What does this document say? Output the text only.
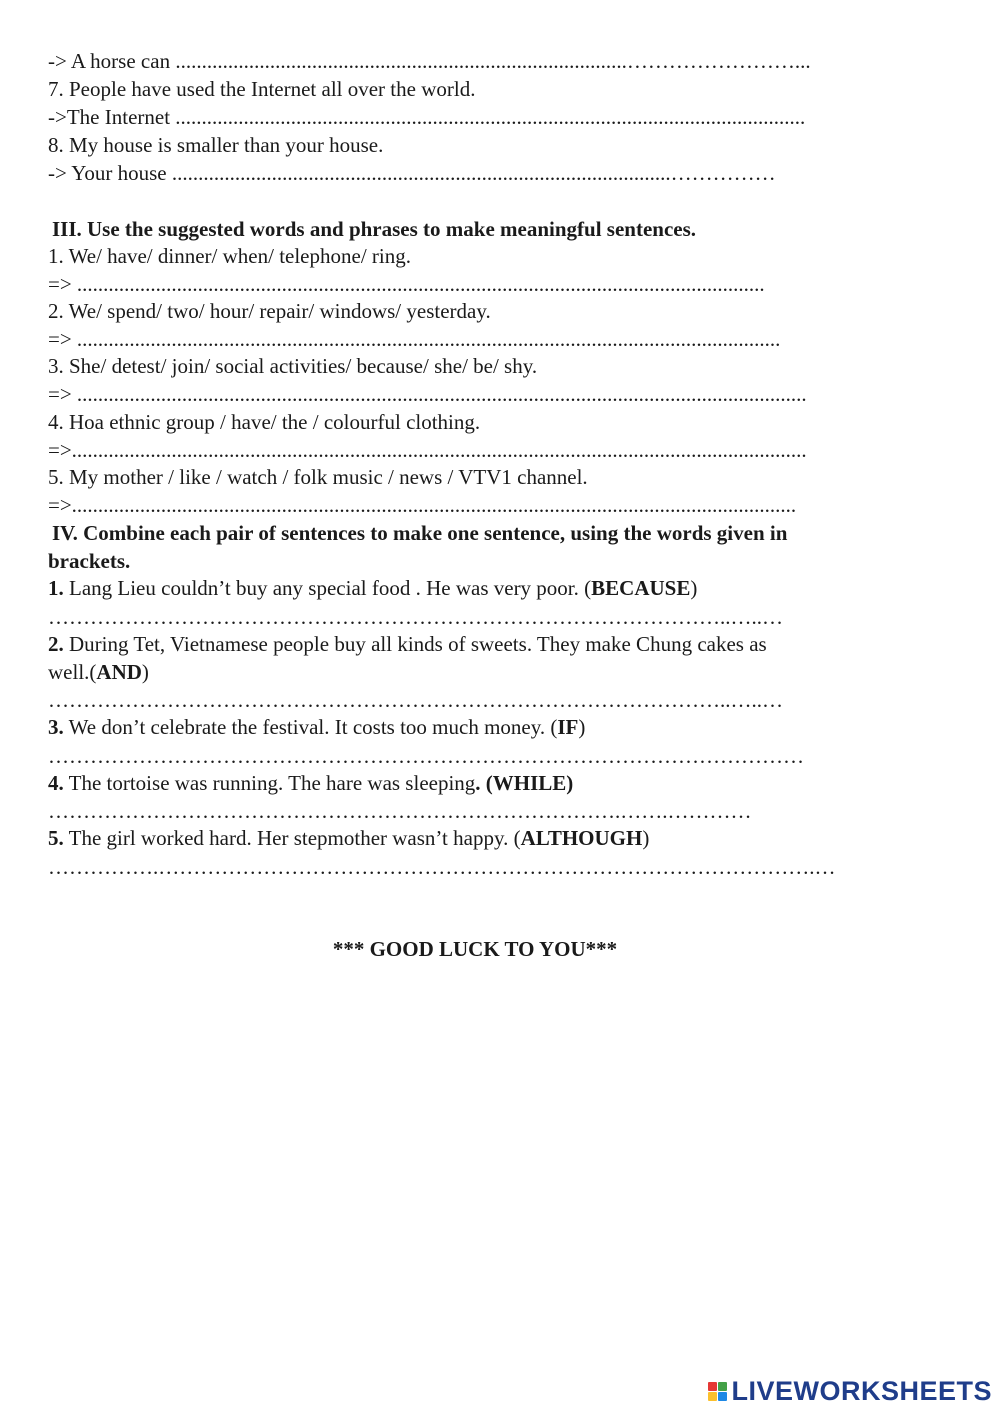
-> A horse can ......................................................................................……………………...
7. People have used the Internet all over the world.
->The Internet ........................................................................................................................
8. My house is smaller than your house.
-> Your house ...............................................................................................……………
III. Use the suggested words and phrases to make meaningful sentences.
1. We/ have/ dinner/ when/ telephone/ ring.
=> ...................................................................................................................................
2. We/ spend/ two/ hour/ repair/ windows/ yesterday.
=> ......................................................................................................................................
3. She/ detest/ join/ social activities/ because/ she/ be/ shy.
=> ...........................................................................................................................................
4. Hoa ethnic group / have/ the / colourful clothing.
=>............................................................................................................................................
5. My mother / like / watch / folk music / news / VTV1 channel.
=>..........................................................................................................................................
IV. Combine each pair of sentences to make one sentence, using the words given in
brackets.
1. Lang Lieu couldn’t buy any special food . He was very poor. (BECAUSE)
……………………………………………………………………………………..…..…
2. During Tet, Vietnamese people buy all kinds of sweets. They make Chung cakes as
well.(AND)
……………………………………………………………………………………..…..…
3. We don’t celebrate the festival. It costs too much money. (IF)
………………………………………………………………………………………………
4. The tortoise was running. The hare was sleeping. (WHILE)
……………………………………………………………………….…….…………
5. The girl worked hard. Her stepmother wasn’t happy. (ALTHOUGH)
…………….………………………………………………………………………………….…
*** GOOD LUCK TO YOU***
LIVEWORKSHEETS
